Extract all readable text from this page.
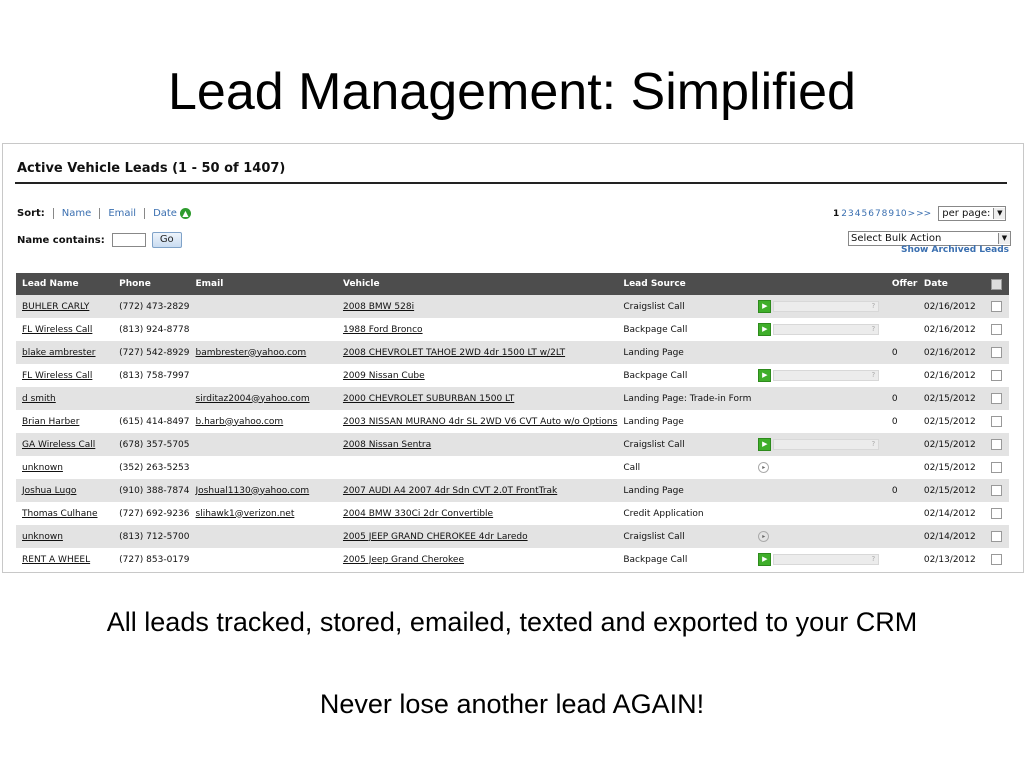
Lead Management: Simplified
Active Vehicle Leads (1 - 50 of 1407)
Sort:	Name	Email	Date ▲
Name contains:	Go
1 2 3 4 5 6 7 8 9 10 > >> per page: ▼
Select Bulk Action	▼
Show Archived Leads
Lead Name	Phone	Email	Vehicle	Lead Source		Offer	Date	
BUHLER CARLY	(772) 473-2829		2008 BMW 528i	Craigslist Call	▶ ?		02/16/2012	
FL Wireless Call	(813) 924-8778		1988 Ford Bronco	Backpage Call	▶ ?		02/16/2012	
blake ambrester	(727) 542-8929	bambrester@yahoo.com	2008 CHEVROLET TAHOE 2WD 4dr 1500 LT w/2LT	Landing Page		0	02/16/2012	
FL Wireless Call	(813) 758-7997		2009 Nissan Cube	Backpage Call	▶ ?		02/16/2012	
d smith		sirditaz2004@yahoo.com	2000 CHEVROLET SUBURBAN 1500 LT	Landing Page: Trade-in Form		0	02/15/2012	
Brian Harber	(615) 414-8497	b.harb@yahoo.com	2003 NISSAN MURANO 4dr SL 2WD V6 CVT Auto w/o Options	Landing Page		0	02/15/2012	
GA Wireless Call	(678) 357-5705		2008 Nissan Sentra	Craigslist Call	▶ ?		02/15/2012	
unknown	(352) 263-5253			Call	▸		02/15/2012	
Joshua Lugo	(910) 388-7874	Joshual1130@yahoo.com	2007 AUDI A4 2007 4dr Sdn CVT 2.0T FrontTrak	Landing Page		0	02/15/2012	
Thomas Culhane	(727) 692-9236	slihawk1@verizon.net	2004 BMW 330Ci 2dr Convertible	Credit Application			02/14/2012	
unknown	(813) 712-5700		2005 JEEP GRAND CHEROKEE 4dr Laredo	Craigslist Call	▸		02/14/2012	
RENT A WHEEL	(727) 853-0179		2005 Jeep Grand Cherokee	Backpage Call	▶ ?		02/13/2012	
All leads tracked, stored, emailed, texted and exported to your CRM
Never lose another lead AGAIN!
